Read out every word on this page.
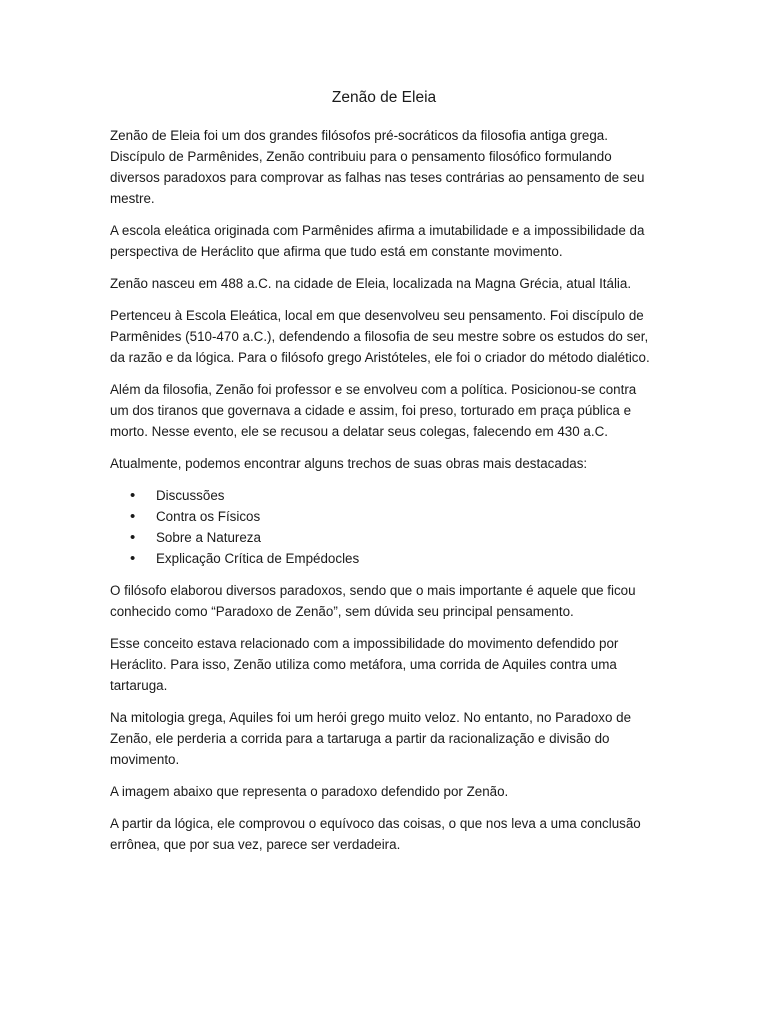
Zenão de Eleia

Zenão de Eleia foi um dos grandes filósofos pré-socráticos da filosofia antiga grega. Discípulo de Parmênides, Zenão contribuiu para o pensamento filosófico formulando diversos paradoxos para comprovar as falhas nas teses contrárias ao pensamento de seu mestre.

A escola eleática originada com Parmênides afirma a imutabilidade e a impossibilidade da perspectiva de Heráclito que afirma que tudo está em constante movimento.

Zenão nasceu em 488 a.C. na cidade de Eleia, localizada na Magna Grécia, atual Itália.

Pertenceu à Escola Eleática, local em que desenvolveu seu pensamento. Foi discípulo de Parmênides (510-470 a.C.), defendendo a filosofia de seu mestre sobre os estudos do ser, da razão e da lógica. Para o filósofo grego Aristóteles, ele foi o criador do método dialético.

Além da filosofia, Zenão foi professor e se envolveu com a política. Posicionou-se contra um dos tiranos que governava a cidade e assim, foi preso, torturado em praça pública e morto. Nesse evento, ele se recusou a delatar seus colegas, falecendo em 430 a.C.

Atualmente, podemos encontrar alguns trechos de suas obras mais destacadas:

• Discussões
• Contra os Físicos
• Sobre a Natureza
• Explicação Crítica de Empédocles

O filósofo elaborou diversos paradoxos, sendo que o mais importante é aquele que ficou conhecido como “Paradoxo de Zenão”, sem dúvida seu principal pensamento.

Esse conceito estava relacionado com a impossibilidade do movimento defendido por Heráclito. Para isso, Zenão utiliza como metáfora, uma corrida de Aquiles contra uma tartaruga.

Na mitologia grega, Aquiles foi um herói grego muito veloz. No entanto, no Paradoxo de Zenão, ele perderia a corrida para a tartaruga a partir da racionalização e divisão do movimento.

A imagem abaixo que representa o paradoxo defendido por Zenão.

A partir da lógica, ele comprovou o equívoco das coisas, o que nos leva a uma conclusão errônea, que por sua vez, parece ser verdadeira.
